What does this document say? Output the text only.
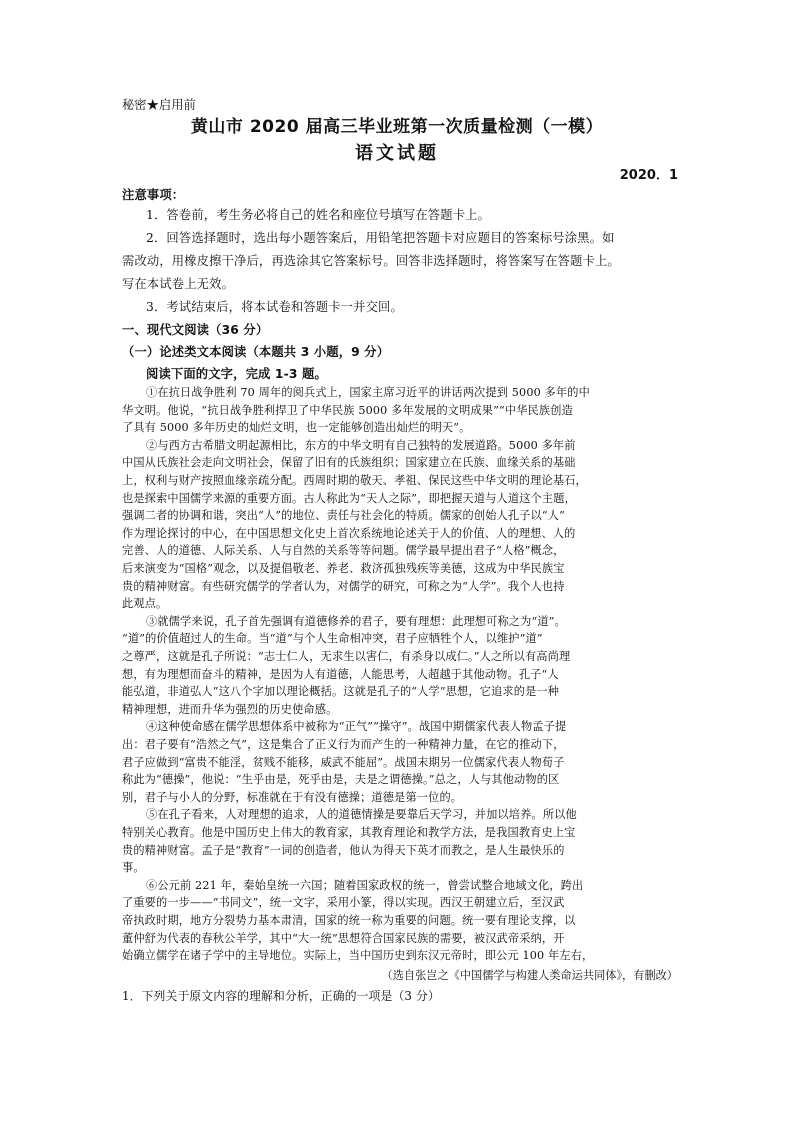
秘密★启用前
黄山市 2020 届高三毕业班第一次质量检测（一模）
语文试题
2020．1
注意事项：
1．答卷前，考生务必将自己的姓名和座位号填写在答题卡上。
2．回答选择题时，选出每小题答案后，用铅笔把答题卡对应题目的答案标号涂黑。如
需改动，用橡皮擦干净后，再选涂其它答案标号。回答非选择题时，将答案写在答题卡上。
写在本试卷上无效。
3．考试结束后，将本试卷和答题卡一并交回。
一、现代文阅读（36 分）
（一）论述类文本阅读（本题共 3 小题，9 分）
阅读下面的文字，完成 1-3 题。
①在抗日战争胜利 70 周年的阅兵式上，国家主席习近平的讲话两次提到 5000 多年的中
华文明。他说，“抗日战争胜利捍卫了中华民族 5000 多年发展的文明成果”“中华民族创造
了具有 5000 多年历史的灿烂文明，也一定能够创造出灿烂的明天”。
②与西方古希腊文明起源相比，东方的中华文明有自己独特的发展道路。5000 多年前
中国从氏族社会走向文明社会，保留了旧有的氏族组织；国家建立在氏族、血缘关系的基础
上，权利与财产按照血缘亲疏分配。西周时期的敬天、孝祖、保民这些中华文明的理论基石，
也是探索中国儒学来源的重要方面。古人称此为“天人之际”，即把握天道与人道这个主题，
强调二者的协调和谐，突出“人”的地位、责任与社会化的特质。儒家的创始人孔子以“人”
作为理论探讨的中心，在中国思想文化史上首次系统地论述关于人的价值、人的理想、人的
完善、人的道德、人际关系、人与自然的关系等等问题。儒学最早提出君子“人格”概念，
后来演变为“国格”观念，以及提倡敬老、养老、救济孤独残疾等美德，这成为中华民族宝
贵的精神财富。有些研究儒学的学者认为，对儒学的研究，可称之为“人学”。我个人也持
此观点。
③就儒学来说，孔子首先强调有道德修养的君子，要有理想：此理想可称之为“道”。
“道”的价值超过人的生命。当“道”与个人生命相冲突，君子应牺牲个人，以维护“道”
之尊严，这就是孔子所说：“志士仁人，无求生以害仁，有杀身以成仁。”人之所以有高尚理
想，有为理想而奋斗的精神，是因为人有道德，人能思考，人超越于其他动物。孔子“人
能弘道，非道弘人”这八个字加以理论概括。这就是孔子的“人学”思想，它追求的是一种
精神理想，进而升华为强烈的历史使命感。
④这种使命感在儒学思想体系中被称为“正气”“操守”。战国中期儒家代表人物孟子提
出：君子要有“浩然之气”，这是集合了正义行为而产生的一种精神力量，在它的推动下，
君子应做到“富贵不能淫，贫贱不能移，威武不能屈”。战国末期另一位儒家代表人物荀子
称此为“德操”，他说：“生乎由是，死乎由是，夫是之谓德操。”总之，人与其他动物的区
别，君子与小人的分野，标准就在于有没有德操；道德是第一位的。
⑤在孔子看来，人对理想的追求，人的道德情操是要靠后天学习，并加以培养。所以他
特别关心教育。他是中国历史上伟大的教育家，其教育理论和教学方法，是我国教育史上宝
贵的精神财富。孟子是“教育”一词的创造者，他认为得天下英才而教之，是人生最快乐的
事。
⑥公元前 221 年，秦始皇统一六国；随着国家政权的统一，曾尝试整合地域文化，跨出
了重要的一步——“书同文”，统一文字，采用小篆，得以实现。西汉王朝建立后，至汉武
帝执政时期，地方分裂势力基本肃清，国家的统一称为重要的问题。统一要有理论支撑，以
董仲舒为代表的春秋公羊学，其中“大一统”思想符合国家民族的需要，被汉武帝采纳，开
始确立儒学在诸子学中的主导地位。实际上，当中国历史到东汉元帝时，即公元 100 年左右，
（选自张岂之《中国儒学与构建人类命运共同体》，有删改）
1．下列关于原文内容的理解和分析，正确的一项是（3 分）
